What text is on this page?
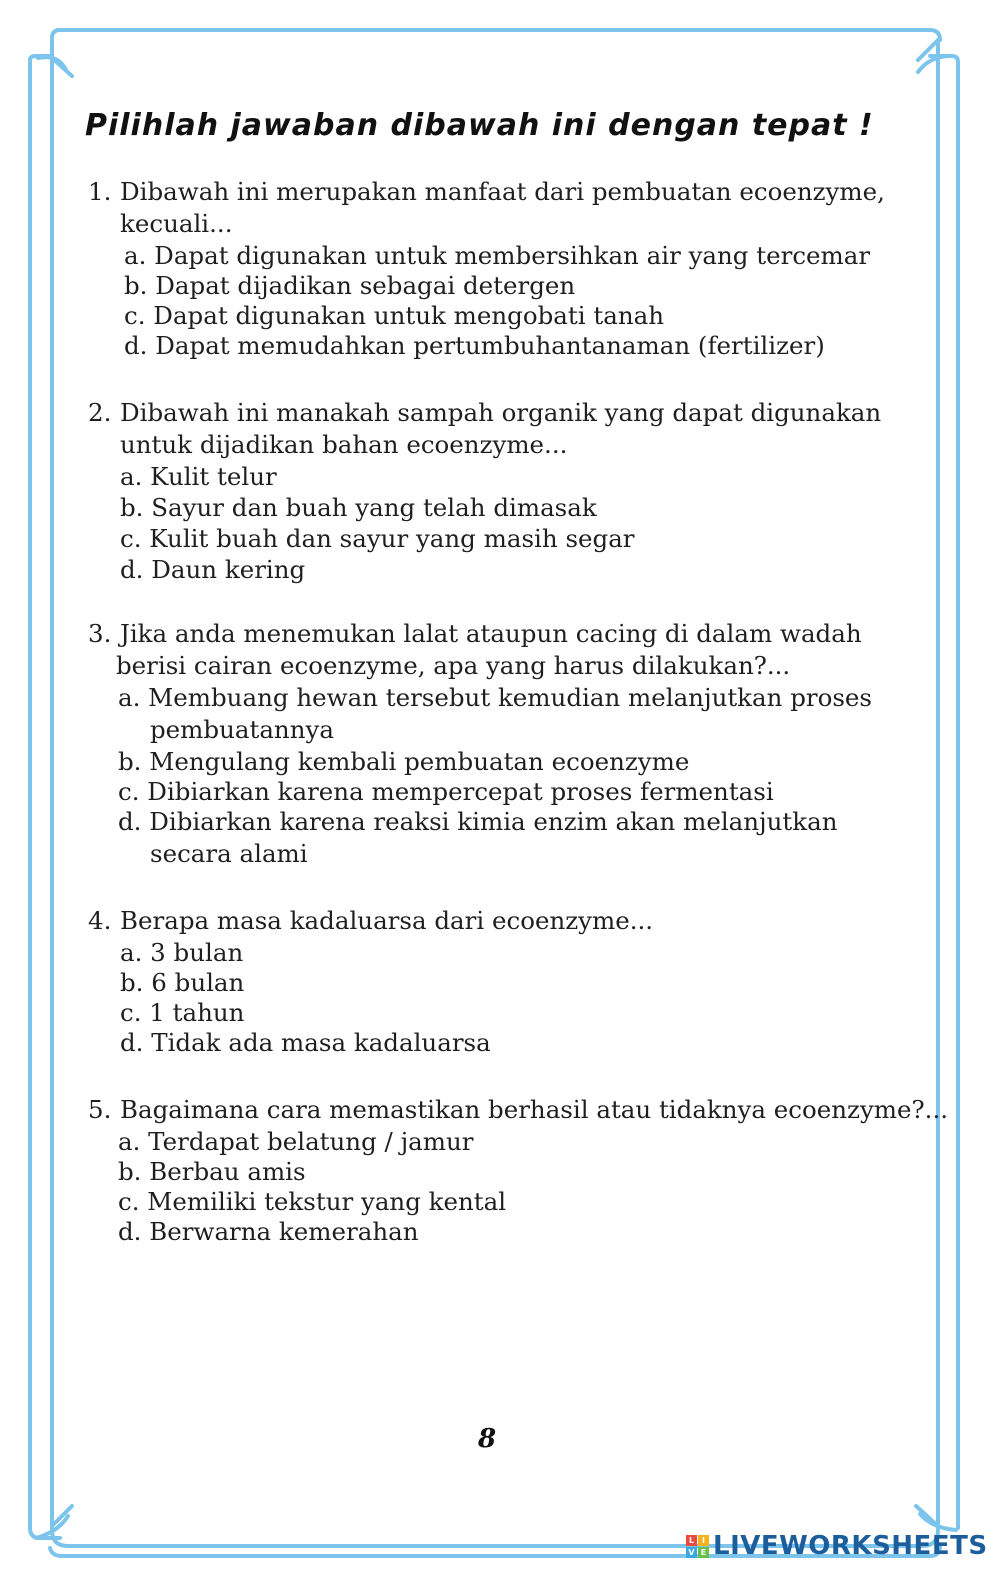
Pilihlah jawaban dibawah ini dengan tepat !
1. Dibawah ini merupakan manfaat dari pembuatan ecoenzyme,
kecuali...
a. Dapat digunakan untuk membersihkan air yang tercemar
b. Dapat dijadikan sebagai detergen
c. Dapat digunakan untuk mengobati tanah
d. Dapat memudahkan pertumbuhantanaman (fertilizer)
2. Dibawah ini manakah sampah organik yang dapat digunakan
untuk dijadikan bahan ecoenzyme...
a. Kulit telur
b. Sayur dan buah yang telah dimasak
c. Kulit buah dan sayur yang masih segar
d. Daun kering
3. Jika anda menemukan lalat ataupun cacing di dalam wadah
berisi cairan ecoenzyme, apa yang harus dilakukan?...
a. Membuang hewan tersebut kemudian melanjutkan proses
pembuatannya
b. Mengulang kembali pembuatan ecoenzyme
c. Dibiarkan karena mempercepat proses fermentasi
d. Dibiarkan karena reaksi kimia enzim akan melanjutkan
secara alami
4. Berapa masa kadaluarsa dari ecoenzyme...
a. 3 bulan
b. 6 bulan
c. 1 tahun
d. Tidak ada masa kadaluarsa
5. Bagaimana cara memastikan berhasil atau tidaknya ecoenzyme?...
a. Terdapat belatung / jamur
b. Berbau amis
c. Memiliki tekstur yang kental
d. Berwarna kemerahan
8
L I
V E LIVEWORKSHEETS
